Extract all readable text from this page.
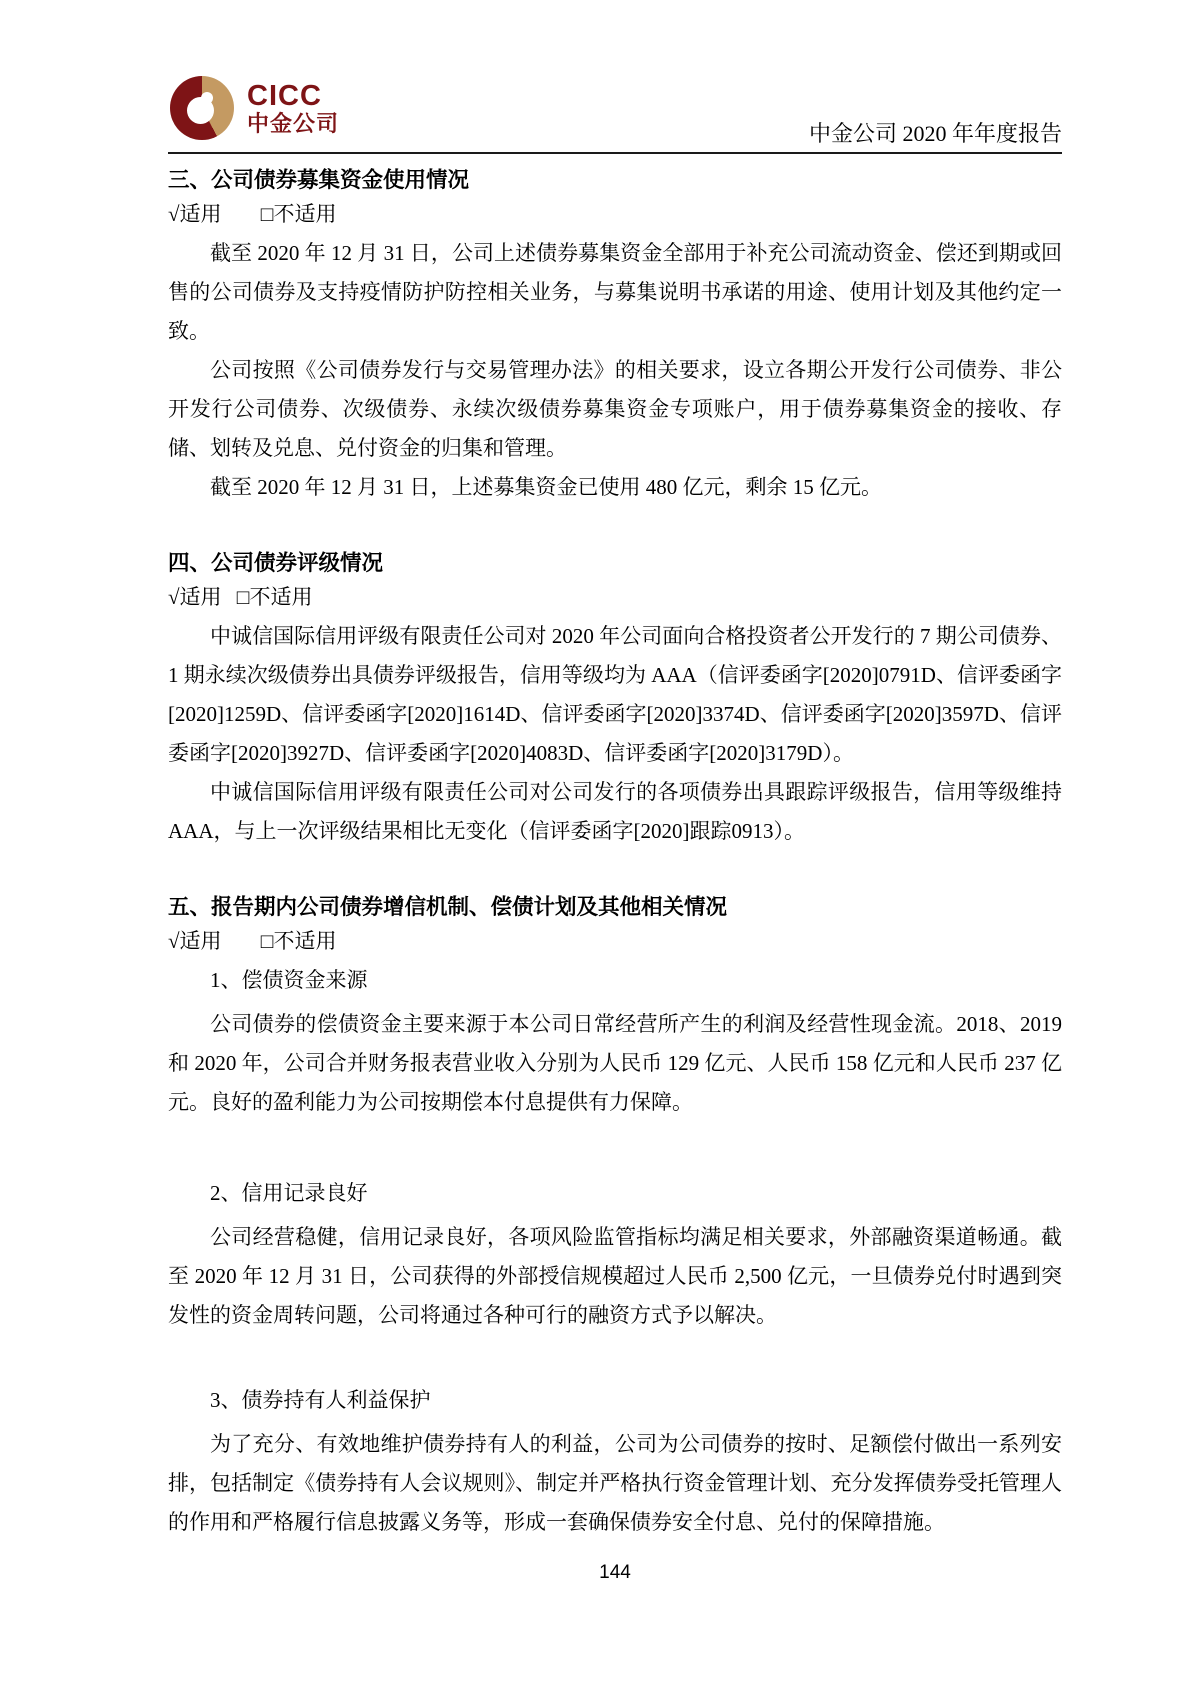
CICC
中金公司	中金公司 2020 年年度报告
三、公司债券募集资金使用情况
√适用 □不适用

截至 2020 年 12 月 31 日，公司上述债券募集资金全部用于补充公司流动资金、偿还到期或回售的公司债券及支持疫情防护防控相关业务，与募集说明书承诺的用途、使用计划及其他约定一致。

公司按照《公司债券发行与交易管理办法》的相关要求，设立各期公开发行公司债券、非公开发行公司债券、次级债券、永续次级债券募集资金专项账户，用于债券募集资金的接收、存储、划转及兑息、兑付资金的归集和管理。

截至 2020 年 12 月 31 日，上述募集资金已使用 480 亿元，剩余 15 亿元。

四、公司债券评级情况
√适用 □不适用

中诚信国际信用评级有限责任公司对 2020 年公司面向合格投资者公开发行的 7 期公司债券、1 期永续次级债券出具债券评级报告，信用等级均为 AAA（信评委函字[2020]0791D、信评委函字[2020]1259D、信评委函字[2020]1614D、信评委函字[2020]3374D、信评委函字[2020]3597D、信评委函字[2020]3927D、信评委函字[2020]4083D、信评委函字[2020]3179D）。

中诚信国际信用评级有限责任公司对公司发行的各项债券出具跟踪评级报告，信用等级维持 AAA，与上一次评级结果相比无变化（信评委函字[2020]跟踪0913）。

五、报告期内公司债券增信机制、偿债计划及其他相关情况
√适用 □不适用

1、偿债资金来源

公司债券的偿债资金主要来源于本公司日常经营所产生的利润及经营性现金流。2018、2019 和 2020 年，公司合并财务报表营业收入分别为人民币 129 亿元、人民币 158 亿元和人民币 237 亿元。良好的盈利能力为公司按期偿本付息提供有力保障。

2、信用记录良好

公司经营稳健，信用记录良好，各项风险监管指标均满足相关要求，外部融资渠道畅通。截至 2020 年 12 月 31 日，公司获得的外部授信规模超过人民币 2,500 亿元，一旦债券兑付时遇到突发性的资金周转问题，公司将通过各种可行的融资方式予以解决。

3、债券持有人利益保护

为了充分、有效地维护债券持有人的利益，公司为公司债券的按时、足额偿付做出一系列安排，包括制定《债券持有人会议规则》、制定并严格执行资金管理计划、充分发挥债券受托管理人的作用和严格履行信息披露义务等，形成一套确保债券安全付息、兑付的保障措施。

144
